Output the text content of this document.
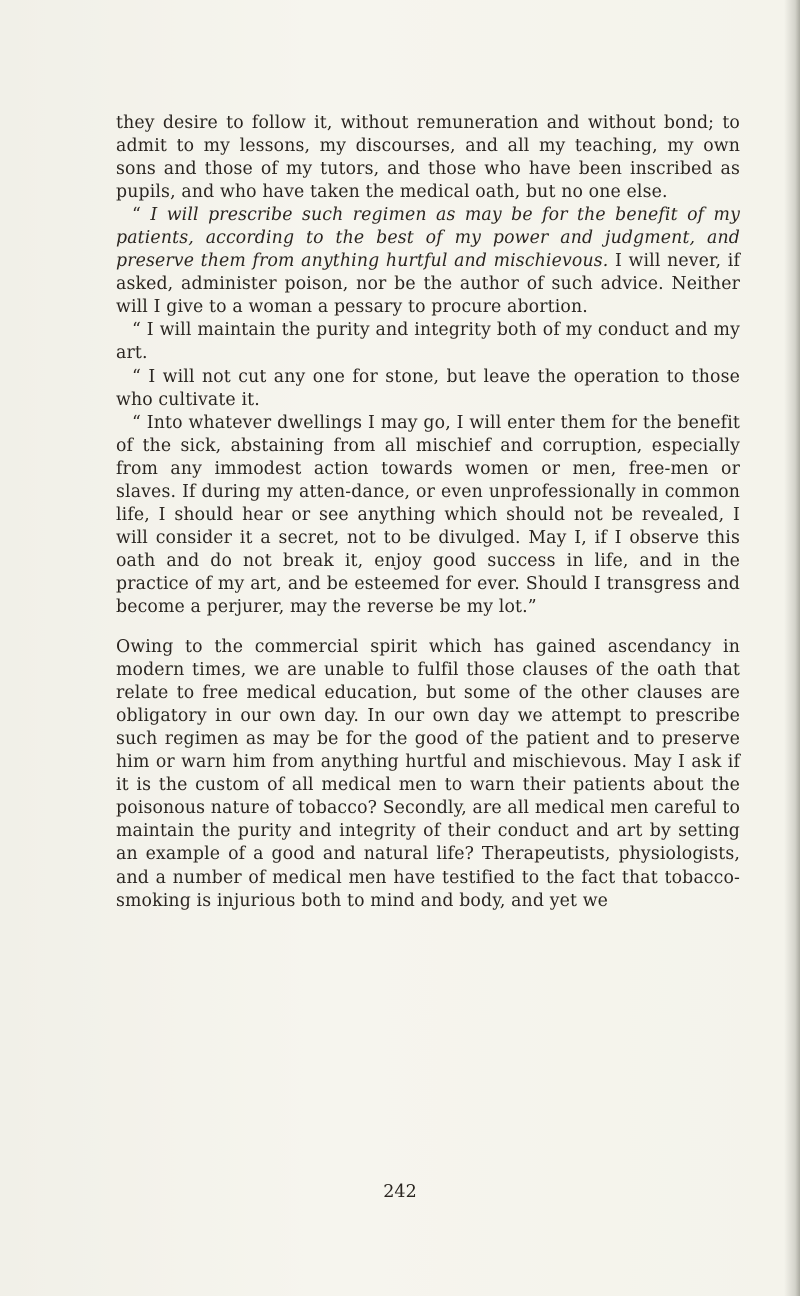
they desire to follow it, without remuneration and without bond; to admit to my lessons, my discourses, and all my teaching, my own sons and those of my tutors, and those who have been inscribed as pupils, and who have taken the medical oath, but no one else.

“ I will prescribe such regimen as may be for the benefit of my patients, according to the best of my power and judgment, and preserve them from anything hurtful and mischievous. I will never, if asked, administer poison, nor be the author of such advice. Neither will I give to a woman a pessary to procure abortion.

“ I will maintain the purity and integrity both of my conduct and my art.

“ I will not cut any one for stone, but leave the operation to those who cultivate it.

“ Into whatever dwellings I may go, I will enter them for the benefit of the sick, abstaining from all mischief and corruption, especially from any immodest action towards women or men, free-men or slaves. If during my atten-dance, or even unprofessionally in common life, I should hear or see anything which should not be revealed, I will consider it a secret, not to be divulged. May I, if I observe this oath and do not break it, enjoy good success in life, and in the practice of my art, and be esteemed for ever. Should I transgress and become a perjurer, may the reverse be my lot.”

Owing to the commercial spirit which has gained ascendancy in modern times, we are unable to fulfil those clauses of the oath that relate to free medical education, but some of the other clauses are obligatory in our own day. In our own day we attempt to prescribe such regimen as may be for the good of the patient and to preserve him or warn him from anything hurtful and mischievous. May I ask if it is the custom of all medical men to warn their patients about the poisonous nature of tobacco? Secondly, are all medical men careful to maintain the purity and integrity of their conduct and art by setting an example of a good and natural life? Therapeutists, physiologists, and a number of medical men have testified to the fact that tobacco-smoking is injurious both to mind and body, and yet we

242
